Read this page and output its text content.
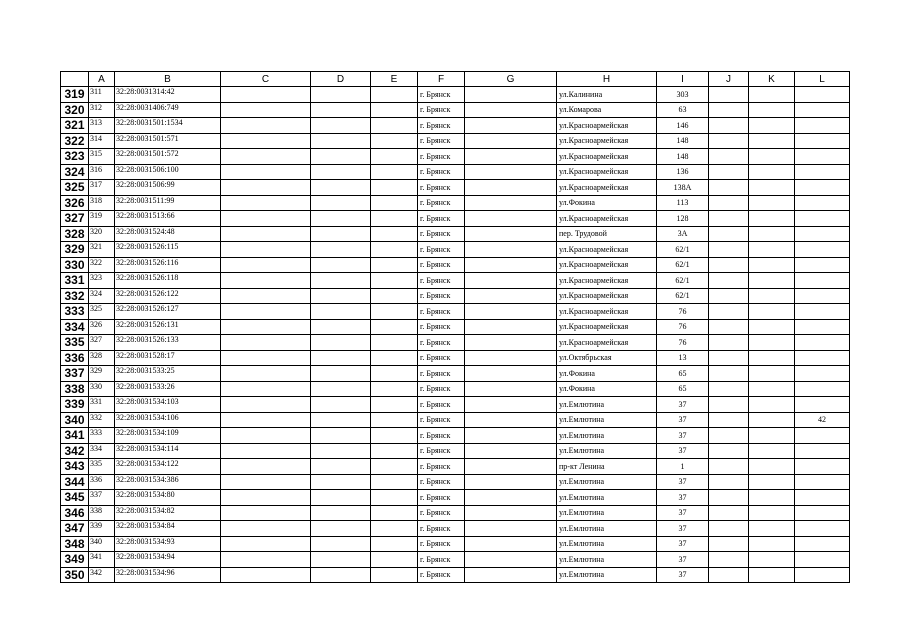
	A	B	C	D	E	F	G	H	I	J	K	L
319	311	32:28:0031314:42				г. Брянск		ул.Калинина	303			
320	312	32:28:0031406:749				г. Брянск		ул.Комарова	63			
321	313	32:28:0031501:1534				г. Брянск		ул.Красноармейская	146			
322	314	32:28:0031501:571				г. Брянск		ул.Красноармейская	148			
323	315	32:28:0031501:572				г. Брянск		ул.Красноармейская	148			
324	316	32:28:0031506:100				г. Брянск		ул.Красноармейская	136			
325	317	32:28:0031506:99				г. Брянск		ул.Красноармейская	138А			
326	318	32:28:0031511:99				г. Брянск		ул.Фокина	113			
327	319	32:28:0031513:66				г. Брянск		ул.Красноармейская	128			
328	320	32:28:0031524:48				г. Брянск		пер. Трудовой	3А			
329	321	32:28:0031526:115				г. Брянск		ул.Красноармейская	62/1			
330	322	32:28:0031526:116				г. Брянск		ул.Красноармейская	62/1			
331	323	32:28:0031526:118				г. Брянск		ул.Красноармейская	62/1			
332	324	32:28:0031526:122				г. Брянск		ул.Красноармейская	62/1			
333	325	32:28:0031526:127				г. Брянск		ул.Красноармейская	76			
334	326	32:28:0031526:131				г. Брянск		ул.Красноармейская	76			
335	327	32:28:0031526:133				г. Брянск		ул.Красноармейская	76			
336	328	32:28:0031528:17				г. Брянск		ул.Октябрьская	13			
337	329	32:28:0031533:25				г. Брянск		ул.Фокина	65			
338	330	32:28:0031533:26				г. Брянск		ул.Фокина	65			
339	331	32:28:0031534:103				г. Брянск		ул.Емлютина	37			
340	332	32:28:0031534:106				г. Брянск		ул.Емлютина	37			42
341	333	32:28:0031534:109				г. Брянск		ул.Емлютина	37			
342	334	32:28:0031534:114				г. Брянск		ул.Емлютина	37			
343	335	32:28:0031534:122				г. Брянск		пр-кт Ленина	1			
344	336	32:28:0031534:386				г. Брянск		ул.Емлютина	37			
345	337	32:28:0031534:80				г. Брянск		ул.Емлютина	37			
346	338	32:28:0031534:82				г. Брянск		ул.Емлютина	37			
347	339	32:28:0031534:84				г. Брянск		ул.Емлютина	37			
348	340	32:28:0031534:93				г. Брянск		ул.Емлютина	37			
349	341	32:28:0031534:94				г. Брянск		ул.Емлютина	37			
350	342	32:28:0031534:96				г. Брянск		ул.Емлютина	37			
